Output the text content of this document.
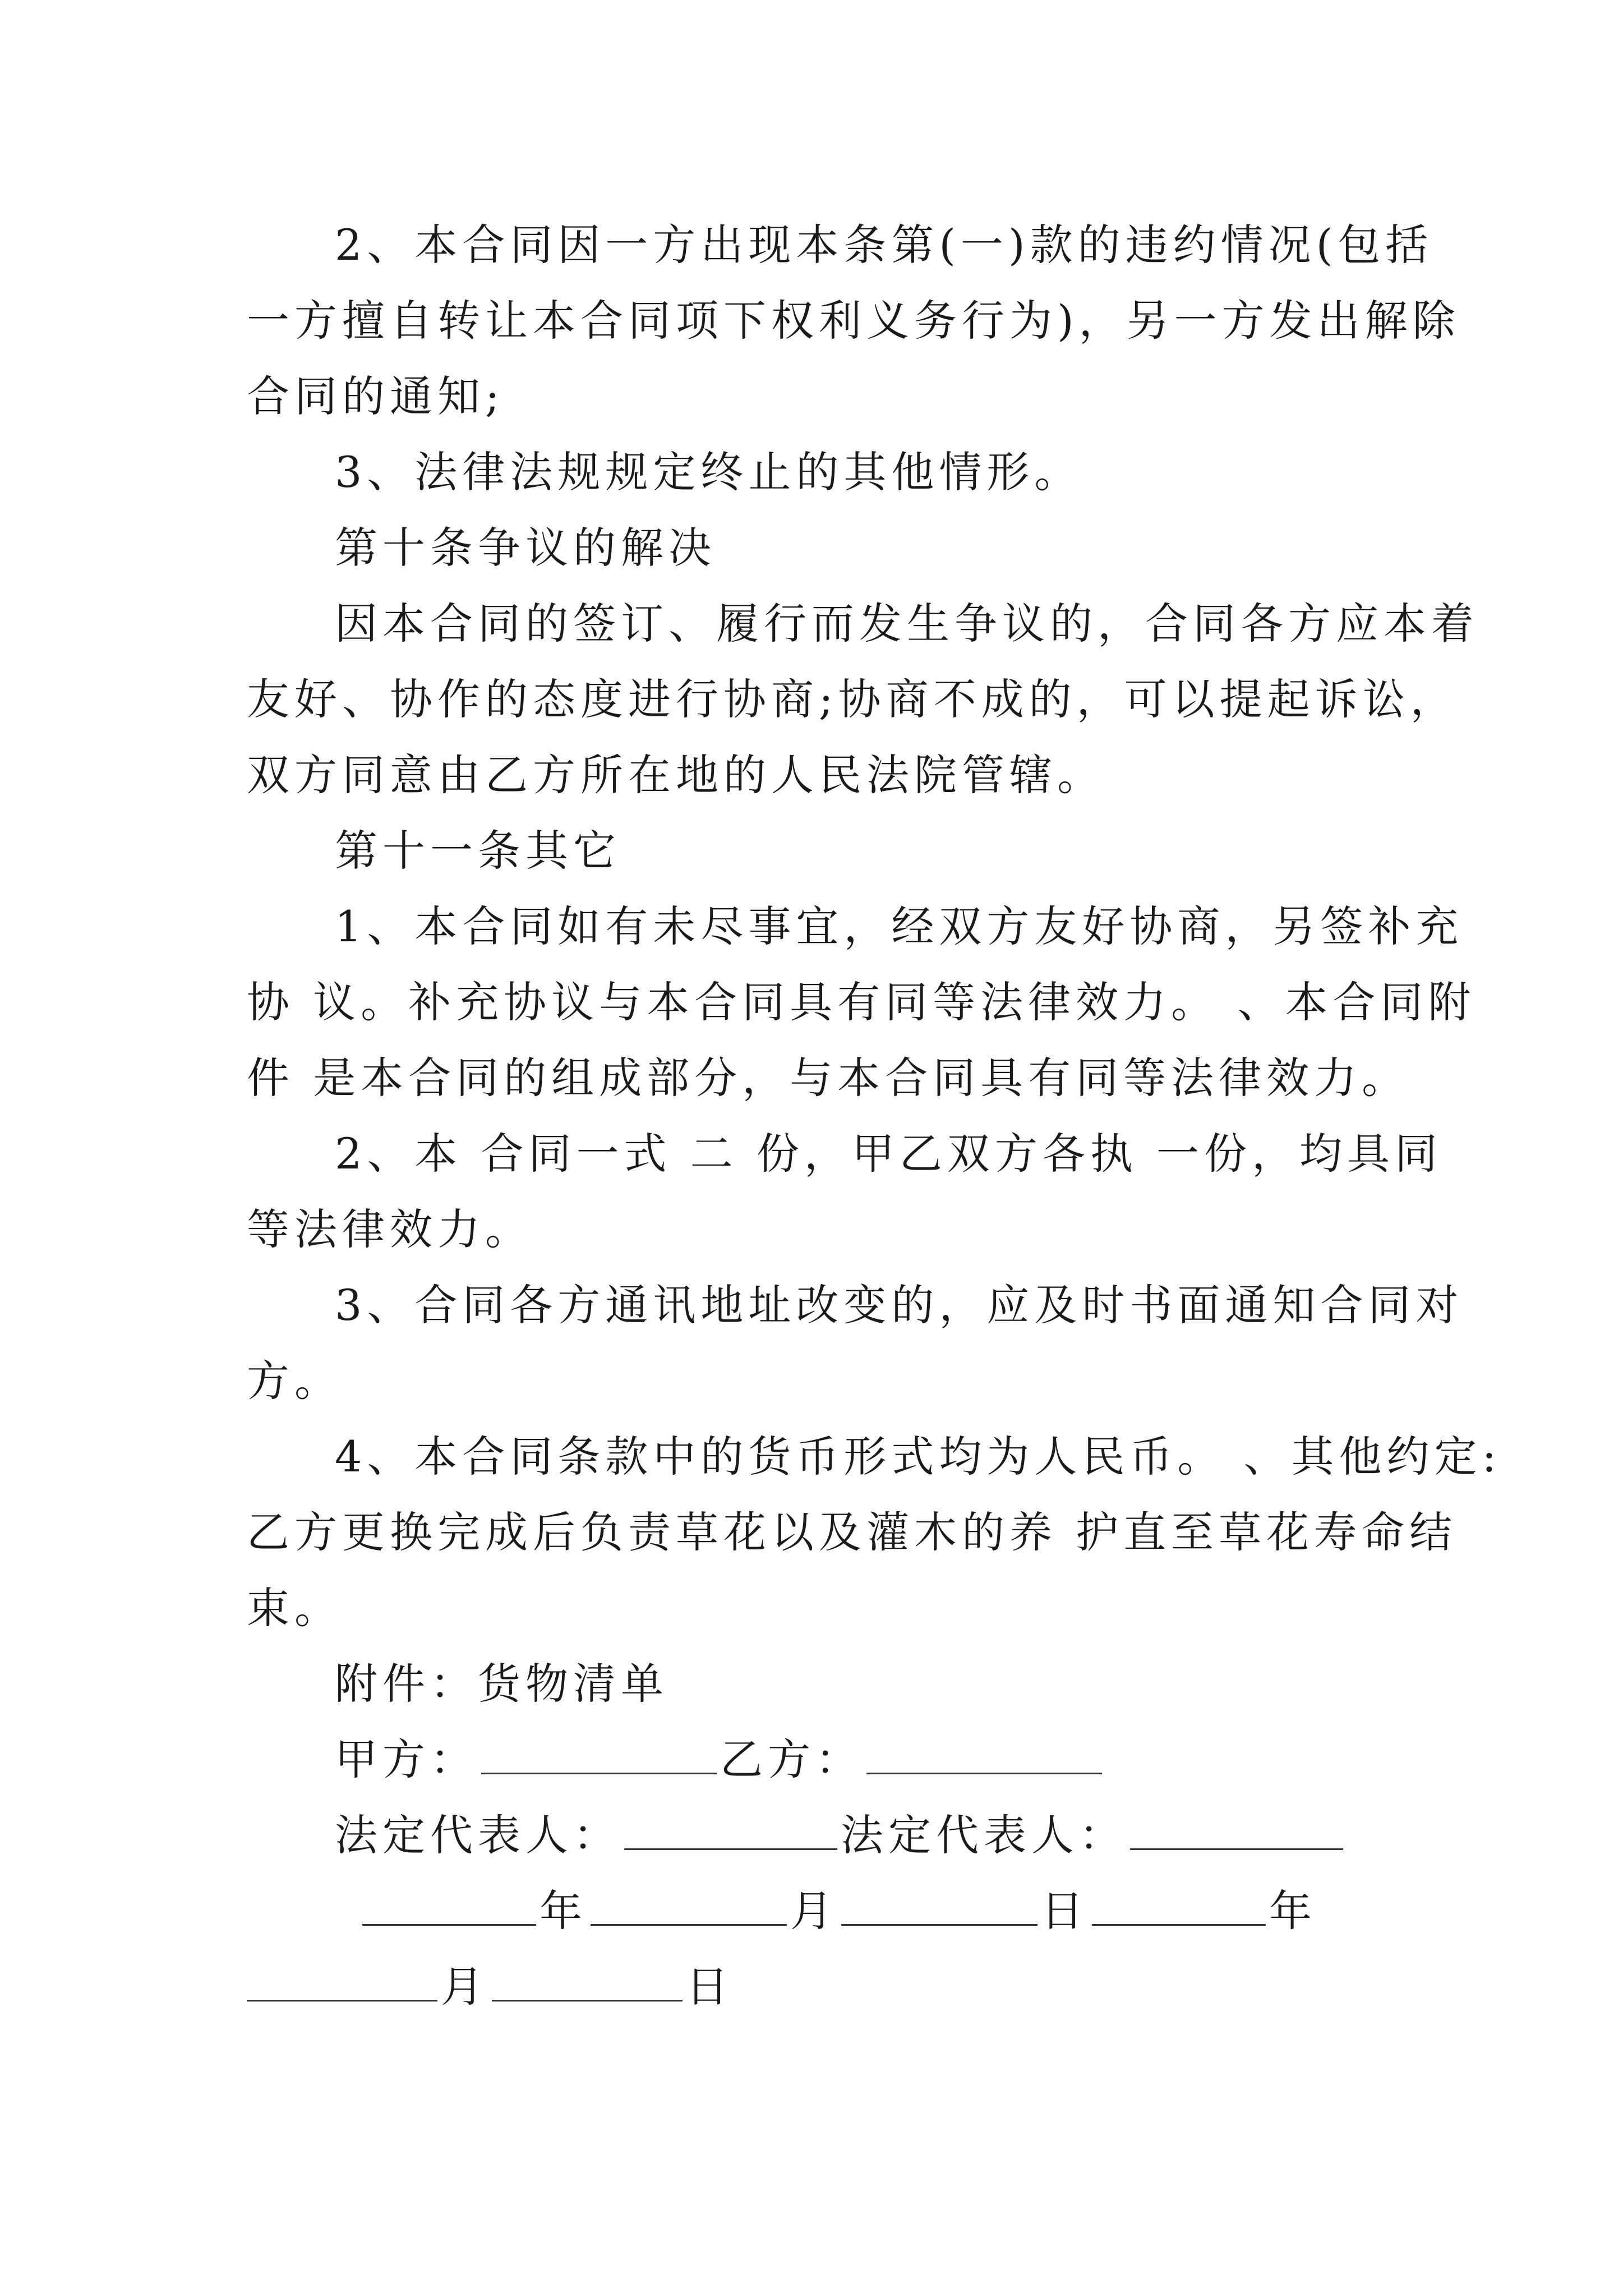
2、本合同因一方出现本条第(一)款的违约情况(包括
一方擅自转让本合同项下权利义务行为)，另一方发出解除
合同的通知;
3、法律法规规定终止的其他情形。
第十条争议的解决
因本合同的签订、履行而发生争议的，合同各方应本着
友好、协作的态度进行协商;协商不成的，可以提起诉讼，
双方同意由乙方所在地的人民法院管辖。
第十一条其它
1、本合同如有未尽事宜，经双方友好协商，另签补充
协 议。补充协议与本合同具有同等法律效力。 、本合同附
件 是本合同的组成部分，与本合同具有同等法律效力。
2、本 合同一式 二 份，甲乙双方各执 一份，均具同
等法律效力。
3、合同各方通讯地址改变的，应及时书面通知合同对
方。
4、本合同条款中的货币形式均为人民币。 、其他约定:
乙方更换完成后负责草花以及灌木的养 护直至草花寿命结
束。
附件：货物清单
甲方：	乙方：
法定代表人：	法定代表人：
年	月	日	年
月	日
